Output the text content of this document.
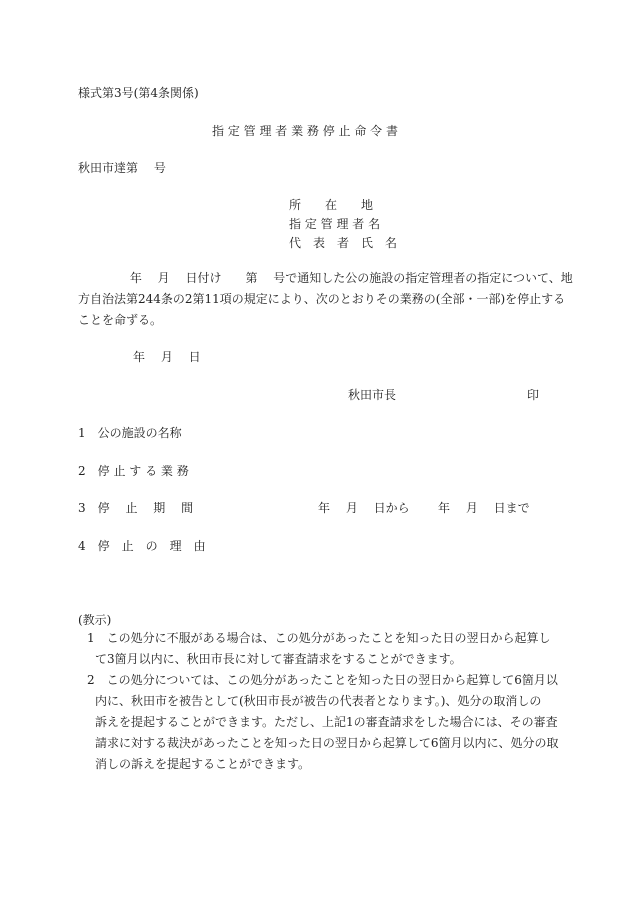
様式第3号(第4条関係)
指 定 管 理 者 業 務 停 止 命 令 書
秋田市達第　 号
所　　在　　地
指 定 管 理 者 名
代　表　者　氏　名
　　　　 年　 月　 日付け　　第　 号で通知した公の施設の指定管理者の指定について、地
方自治法第244条の2第11項の規定により、次のとおりその業務の(全部・一部)を停止する
ことを命ずる。
年　 月　 日
秋田市長	印
1　公の施設の名称
2　停 止 す る 業 務
3　停　 止　 期　 間	年　 月　 日から 年　 月　 日まで
4　停　止　の　理　由
(教示)
1　この処分に不服がある場合は、この処分があったことを知った日の翌日から起算し
て3箇月以内に、秋田市長に対して審査請求をすることができます。
2　この処分については、この処分があったことを知った日の翌日から起算して6箇月以
内に、秋田市を被告として(秋田市長が被告の代表者となります。)、処分の取消しの
訴えを提起することができます。ただし、上記1の審査請求をした場合には、その審査
請求に対する裁決があったことを知った日の翌日から起算して6箇月以内に、処分の取
消しの訴えを提起することができます。
